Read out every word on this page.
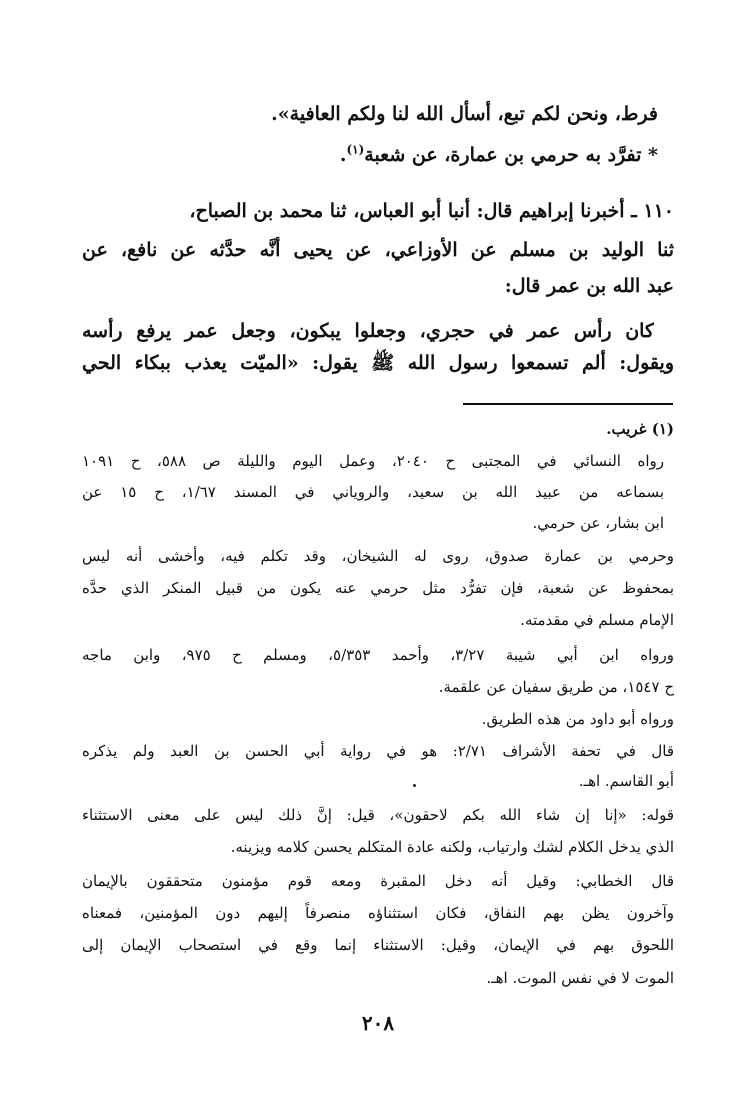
فرط، ونحن لكم تبع، أسأل الله لنا ولكم العافية».
* تفرَّد به حرمي بن عمارة، عن شعبة$^{(١)}$.
١١٠ ـ أخبرنا إبراهيم قال: أنبا أبو العباس، ثنا محمد بن الصباح،
ثنا الوليد بن مسلم عن الأوزاعي، عن يحيى أنَّه حدَّثه عن نافع، عن
عبد الله بن عمر قال:
كان رأس عمر في حجري، وجعلوا يبكون، وجعل عمر يرفع رأسه
ويقول: ألم تسمعوا رسول الله ﷺ يقول: «الميّت يعذب ببكاء الحي
(١) غريب.
رواه النسائي في المجتبى ح ٢٠٤٠، وعمل اليوم والليلة ص ٥٨٨، ح ١٠٩١
بسماعه من عبيد الله بن سعيد، والروياني في المسند ١/٦٧، ح ١٥ عن
ابن بشار، عن حرمي.
وحرمي بن عمارة صدوق، روى له الشيخان، وقد تكلم فيه، وأخشى أنه ليس
بمحفوظ عن شعبة، فإن تفرُّد مثل حرمي عنه يكون من قبيل المنكر الذي حدَّه
الإمام مسلم في مقدمته.
ورواه ابن أبي شيبة ٣/٢٧، وأحمد ٥/٣٥٣، ومسلم ح ٩٧٥، وابن ماجه
ح ١٥٤٧، من طريق سفيان عن علقمة.
ورواه أبو داود من هذه الطريق.
قال في تحفة الأشراف ٢/٧١: هو في رواية أبي الحسن بن العبد ولم يذكره
أبو القاسم. اهـ.
قوله: «إنا إن شاء الله بكم لاحقون»، قيل: إنَّ ذلك ليس على معنى الاستثناء
الذي يدخل الكلام لشك وارتياب، ولكنه عادة المتكلم يحسن كلامه ويزينه.
قال الخطابي: وقيل أنه دخل المقبرة ومعه قوم مؤمنون متحققون بالإيمان
وآخرون يظن بهم النفاق، فكان استثناؤه منصرفاً إليهم دون المؤمنين، فمعناه
اللحوق بهم في الإيمان، وقيل: الاستثناء إنما وقع في استصحاب الإيمان إلى
الموت لا في نفس الموت. اهـ.
٢٠٨
